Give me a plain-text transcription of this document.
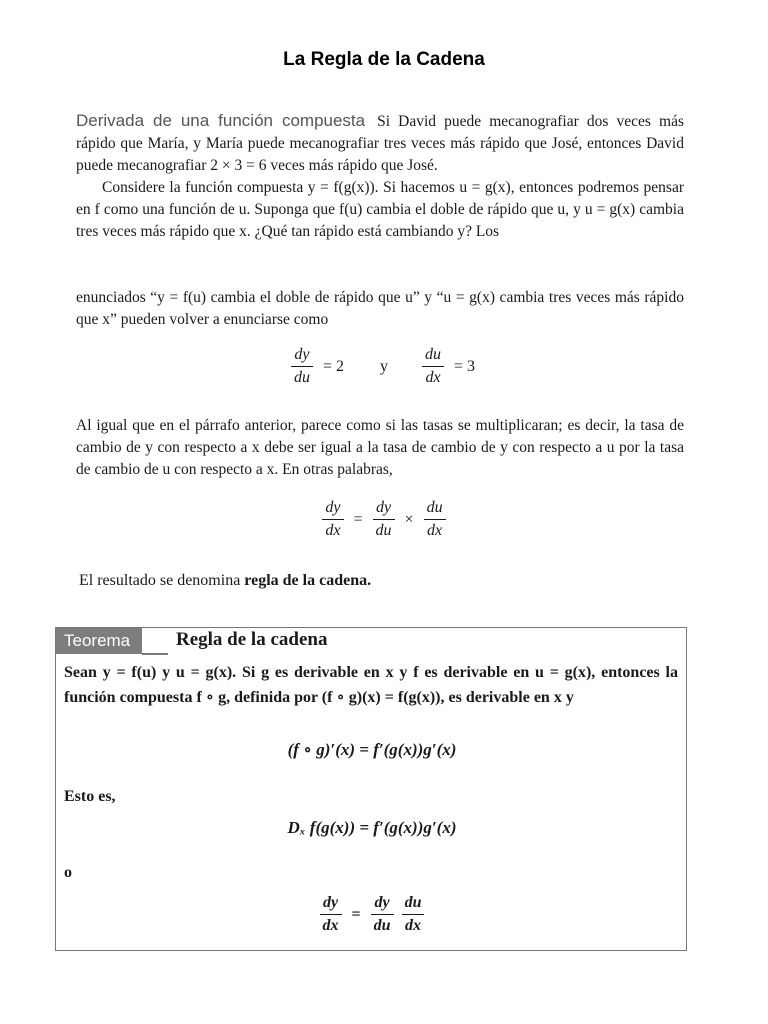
La Regla de la Cadena

Derivada de una función compuesta Si David puede mecanografiar dos veces más rápido que María, y María puede mecanografiar tres veces más rápido que José, entonces David puede mecanografiar 2 × 3 = 6 veces más rápido que José.

Considere la función compuesta y = f(g(x)). Si hacemos u = g(x), entonces podremos pensar en f como una función de u. Suponga que f(u) cambia el doble de rápido que u, y u = g(x) cambia tres veces más rápido que x. ¿Qué tan rápido está cambiando y? Los

enunciados “y = f(u) cambia el doble de rápido que u” y “u = g(x) cambia tres veces más rápido que x” pueden volver a enunciarse como
$\frac{dy}{du} = 2$ y $\frac{du}{dx} = 3$
Al igual que en el párrafo anterior, parece como si las tasas se multiplicaran; es decir, la tasa de cambio de y con respecto a x debe ser igual a la tasa de cambio de y con respecto a u por la tasa de cambio de u con respecto a x. En otras palabras,
$\frac{dy}{dx} = \frac{dy}{du} \times \frac{du}{dx}$
El resultado se denomina regla de la cadena.
Teorema	Regla de la cadena
Sean y = f(u) y u = g(x). Si g es derivable en x y f es derivable en u = g(x), entonces la función compuesta f ∘ g, definida por (f ∘ g)(x) = f(g(x)), es derivable en x y
(f ∘ g)′(x) = f′(g(x))g′(x)
Esto es,
Dₓ f(g(x)) = f′(g(x))g′(x)
o
$\frac{dy}{dx} = \frac{dy}{du} \frac{du}{dx}$
